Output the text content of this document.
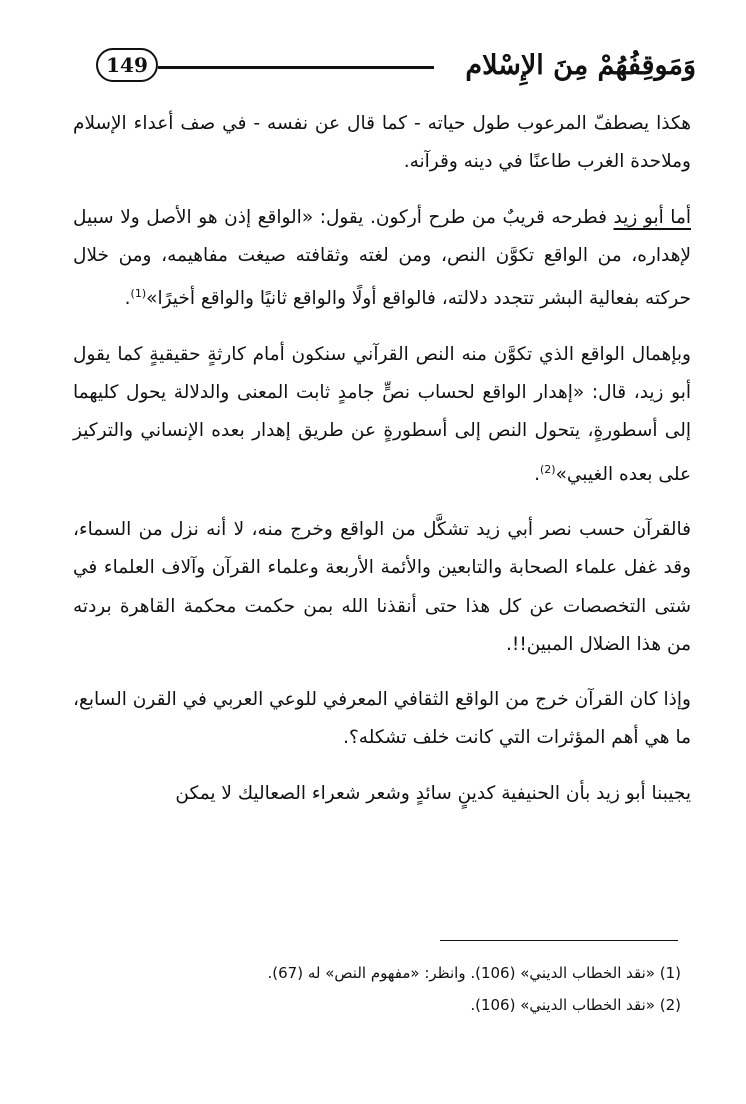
149	وَمَوقِفُهُمْ مِنَ الإِسْلام

هكذا يصطفّ المرعوب طول حياته - كما قال عن نفسه - في صف أعداء الإسلام وملاحدة الغرب طاعنًا في دينه وقرآنه.

أما أبو زيد فطرحه قريبٌ من طرح أركون. يقول: «الواقع إذن هو الأصل ولا سبيل لإهداره، من الواقع تكوَّن النص، ومن لغته وثقافته صيغت مفاهيمه، ومن خلال حركته بفعالية البشر تتجدد دلالته، فالواقع أولًا والواقع ثانيًا والواقع أخيرًا»$^{(1)}$.

وبإهمال الواقع الذي تكوَّن منه النص القرآني سنكون أمام كارثةٍ حقيقيةٍ كما يقول أبو زيد، قال: «إهدار الواقع لحساب نصٍّ جامدٍ ثابت المعنى والدلالة يحول كليهما إلى أسطورةٍ، يتحول النص إلى أسطورةٍ عن طريق إهدار بعده الإنساني والتركيز على بعده الغيبي»$^{(2)}$.

فالقرآن حسب نصر أبي زيد تشكَّل من الواقع وخرج منه، لا أنه نزل من السماء، وقد غفل علماء الصحابة والتابعين والأئمة الأربعة وعلماء القرآن وآلاف العلماء في شتى التخصصات عن كل هذا حتى أنقذنا الله بمن حكمت محكمة القاهرة بردته من هذا الضلال المبين!!.

وإذا كان القرآن خرج من الواقع الثقافي المعرفي للوعي العربي في القرن السابع، ما هي أهم المؤثرات التي كانت خلف تشكله؟.

يجيبنا أبو زيد بأن الحنيفية كدينٍ سائدٍ وشعر شعراء الصعاليك لا يمكن

(1) «نقد الخطاب الديني» (106). وانظر: «مفهوم النص» له (67).
(2) «نقد الخطاب الديني» (106).
